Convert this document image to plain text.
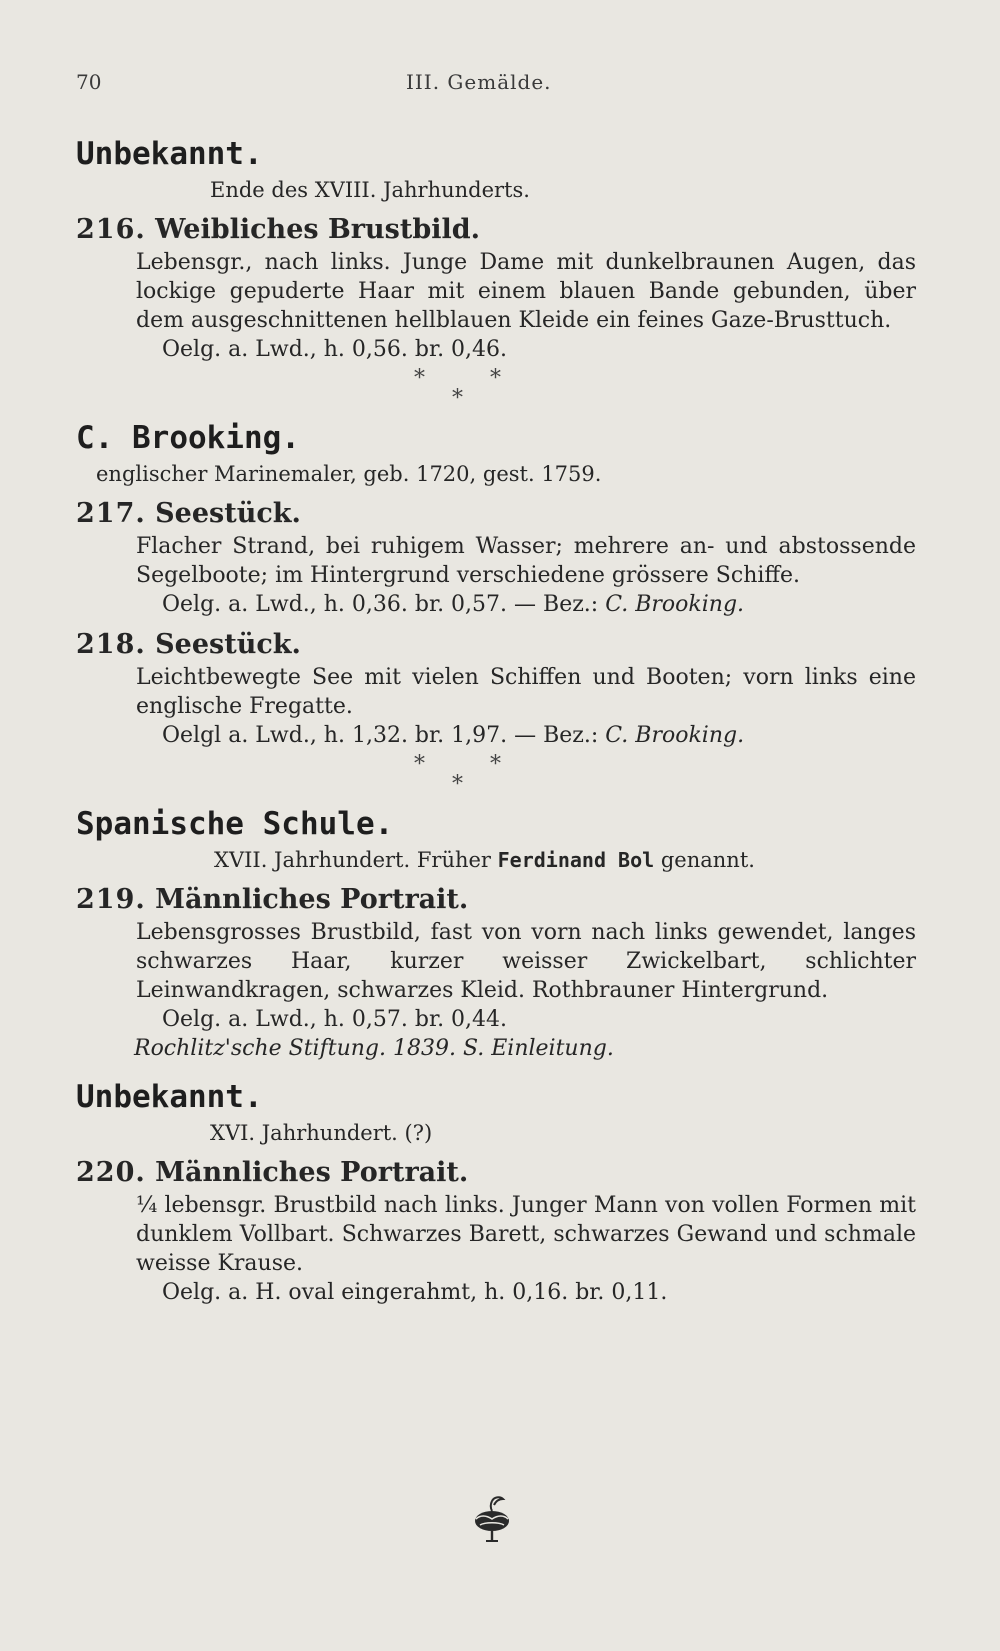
70	III. Gemälde.
Unbekannt.
Ende des XVIII. Jahrhunderts.
216. Weibliches Brustbild.

Lebensgr., nach links. Junge Dame mit dunkelbraunen Augen, das lockige gepuderte Haar mit einem blauen Bande gebunden, über dem ausgeschnittenen hellblauen Kleide ein feines Gaze-Brusttuch.

Oelg. a. Lwd., h. 0,56. br. 0,46.

*	*
*
C. Brooking.
englischer Marinemaler, geb. 1720, gest. 1759.
217. Seestück.

Flacher Strand, bei ruhigem Wasser; mehrere an- und abstossende Segelboote; im Hintergrund verschiedene grössere Schiffe.

Oelg. a. Lwd., h. 0,36. br. 0,57. — Bez.: C. Brooking.

218. Seestück.

Leichtbewegte See mit vielen Schiffen und Booten; vorn links eine englische Fregatte.

Oelgl a. Lwd., h. 1,32. br. 1,97. — Bez.: C. Brooking.

*	*
*
Spanische Schule.
XVII. Jahrhundert. Früher Ferdinand Bol genannt.
219. Männliches Portrait.

Lebensgrosses Brustbild, fast von vorn nach links gewendet, langes schwarzes Haar, kurzer weisser Zwickelbart, schlichter Leinwandkragen, schwarzes Kleid. Rothbrauner Hintergrund.

Oelg. a. Lwd., h. 0,57. br. 0,44.

Rochlitz'sche Stiftung. 1839. S. Einleitung.

Unbekannt.
XVI. Jahrhundert. (?)
220. Männliches Portrait.

¼ lebensgr. Brustbild nach links. Junger Mann von vollen Formen mit dunklem Vollbart. Schwarzes Barett, schwarzes Gewand und schmale weisse Krause.

Oelg. a. H. oval eingerahmt, h. 0,16. br. 0,11.
